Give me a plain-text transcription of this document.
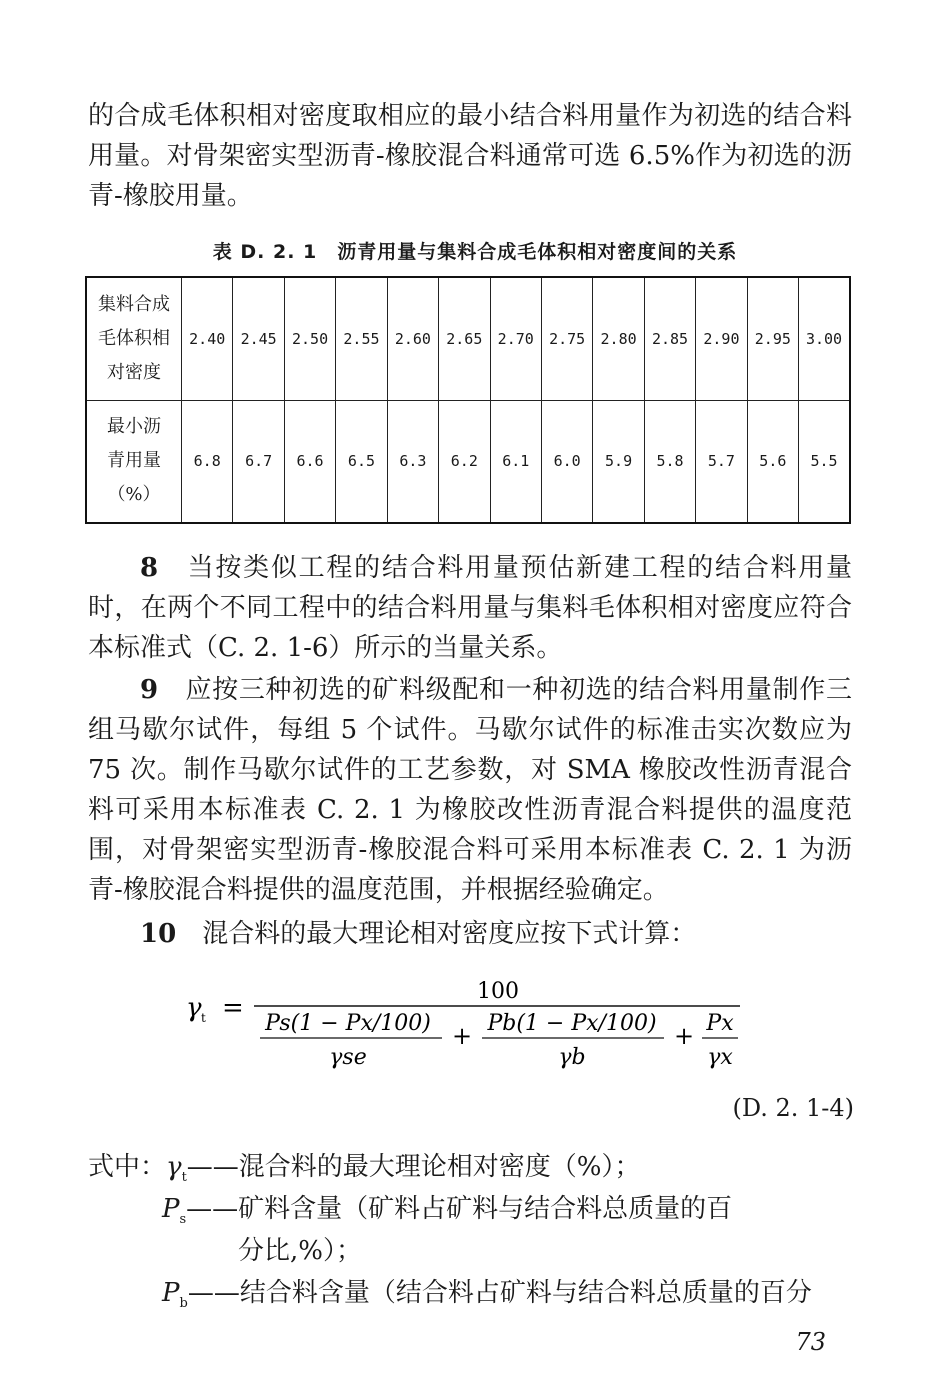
的合成毛体积相对密度取相应的最小结合料用量作为初选的结合料用量。对骨架密实型沥青-橡胶混合料通常可选 6.5%作为初选的沥青-橡胶用量。

表 D. 2. 1　沥青用量与集料合成毛体积相对密度间的关系
集料合成
毛体积相
对密度	2.40	2.45	2.50	2.55	2.60	2.65	2.70	2.75	2.80	2.85	2.90	2.95	3.00

最小沥
青用量
（%）	6.8	6.7	6.6	6.5	6.3	6.2	6.1	6.0	5.9	5.8	5.7	5.6	5.5

8　当按类似工程的结合料用量预估新建工程的结合料用量时，在两个不同工程中的结合料用量与集料毛体积相对密度应符合本标准式（C. 2. 1-6）所示的当量关系。

9　应按三种初选的矿料级配和一种初选的结合料用量制作三组马歇尔试件，每组 5 个试件。马歇尔试件的标准击实次数应为 75 次。制作马歇尔试件的工艺参数，对 SMA 橡胶改性沥青混合料可采用本标准表 C. 2. 1 为橡胶改性沥青混合料提供的温度范围，对骨架密实型沥青-橡胶混合料可采用本标准表 C. 2. 1 为沥青-橡胶混合料提供的温度范围，并根据经验确定。

10　混合料的最大理论相对密度应按下式计算：

γ t =
100
Ps(1 − Px/100)
γse
+ Pb(1 − Px/100)
γb
+ Px
γx
(D. 2. 1-4)
式中：$\gamma_t——$混合料的最大理论相对密度（%）；
$P_s——$矿料含量（矿料占矿料与结合料总质量的百
分比,%）；
$P_b——$结合料含量（结合料占矿料与结合料总质量的百分
73
